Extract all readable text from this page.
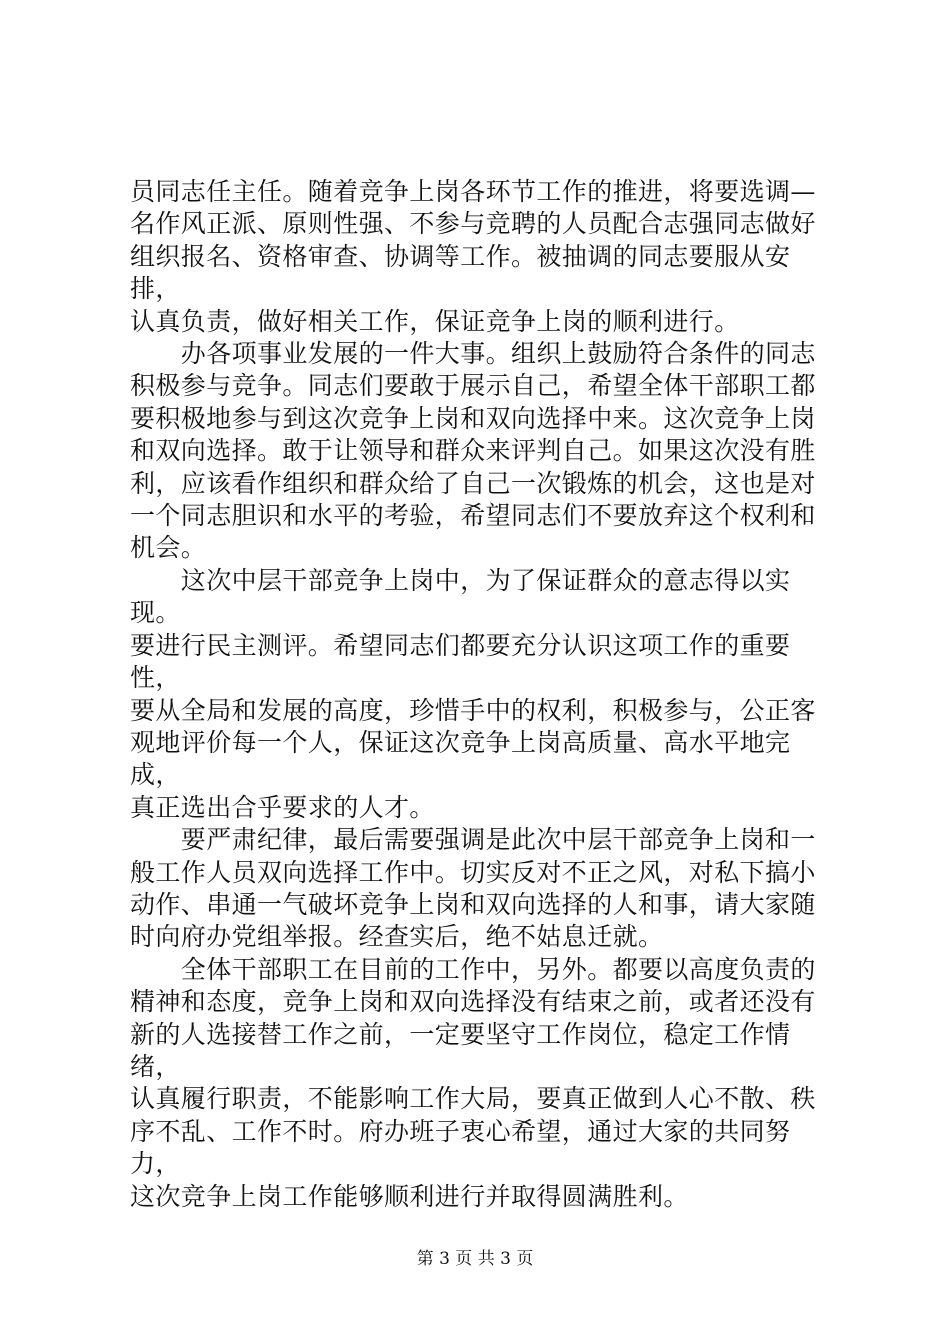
员同志任主任。随着竞争上岗各环节工作的推进，将要选调—
名作风正派、原则性强、不参与竞聘的人员配合志强同志做好
组织报名、资格审查、协调等工作。被抽调的同志要服从安排，
认真负责，做好相关工作，保证竞争上岗的顺利进行。

　　办各项事业发展的一件大事。组织上鼓励符合条件的同志
积极参与竞争。同志们要敢于展示自己，希望全体干部职工都
要积极地参与到这次竞争上岗和双向选择中来。这次竞争上岗
和双向选择。敢于让领导和群众来评判自己。如果这次没有胜
利，应该看作组织和群众给了自己一次锻炼的机会，这也是对
一个同志胆识和水平的考验，希望同志们不要放弃这个权利和
机会。

　　这次中层干部竞争上岗中，为了保证群众的意志得以实现。
要进行民主测评。希望同志们都要充分认识这项工作的重要性，
要从全局和发展的高度，珍惜手中的权利，积极参与，公正客
观地评价每一个人，保证这次竞争上岗高质量、高水平地完成，
真正选出合乎要求的人才。

　　要严肃纪律，最后需要强调是此次中层干部竞争上岗和一
般工作人员双向选择工作中。切实反对不正之风，对私下搞小
动作、串通一气破坏竞争上岗和双向选择的人和事，请大家随
时向府办党组举报。经查实后，绝不姑息迁就。

　　全体干部职工在目前的工作中，另外。都要以高度负责的
精神和态度，竞争上岗和双向选择没有结束之前，或者还没有
新的人选接替工作之前，一定要坚守工作岗位，稳定工作情绪，
认真履行职责，不能影响工作大局，要真正做到人心不散、秩
序不乱、工作不时。府办班子衷心希望，通过大家的共同努力，
这次竞争上岗工作能够顺利进行并取得圆满胜利。

第 3 页 共 3 页
